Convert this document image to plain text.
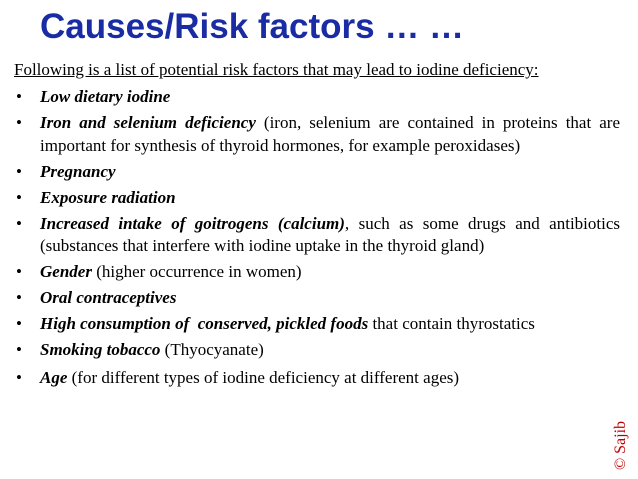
Causes/Risk factors … …

Following is a list of potential risk factors that may lead to iodine deficiency:

• Low dietary iodine
• Iron and selenium deficiency (iron, selenium are contained in proteins that are important for synthesis of thyroid hormones, for example peroxidases)
• Pregnancy
• Exposure radiation
• Increased intake of goitrogens (calcium), such as some drugs and antibiotics (substances that interfere with iodine uptake in the thyroid gland)
• Gender (higher occurrence in women)
• Oral contraceptives
• High consumption of  conserved, pickled foods that contain thyrostatics
• Smoking tobacco (Thyocyanate)
• Age (for different types of iodine deficiency at different ages)
© Sajib
